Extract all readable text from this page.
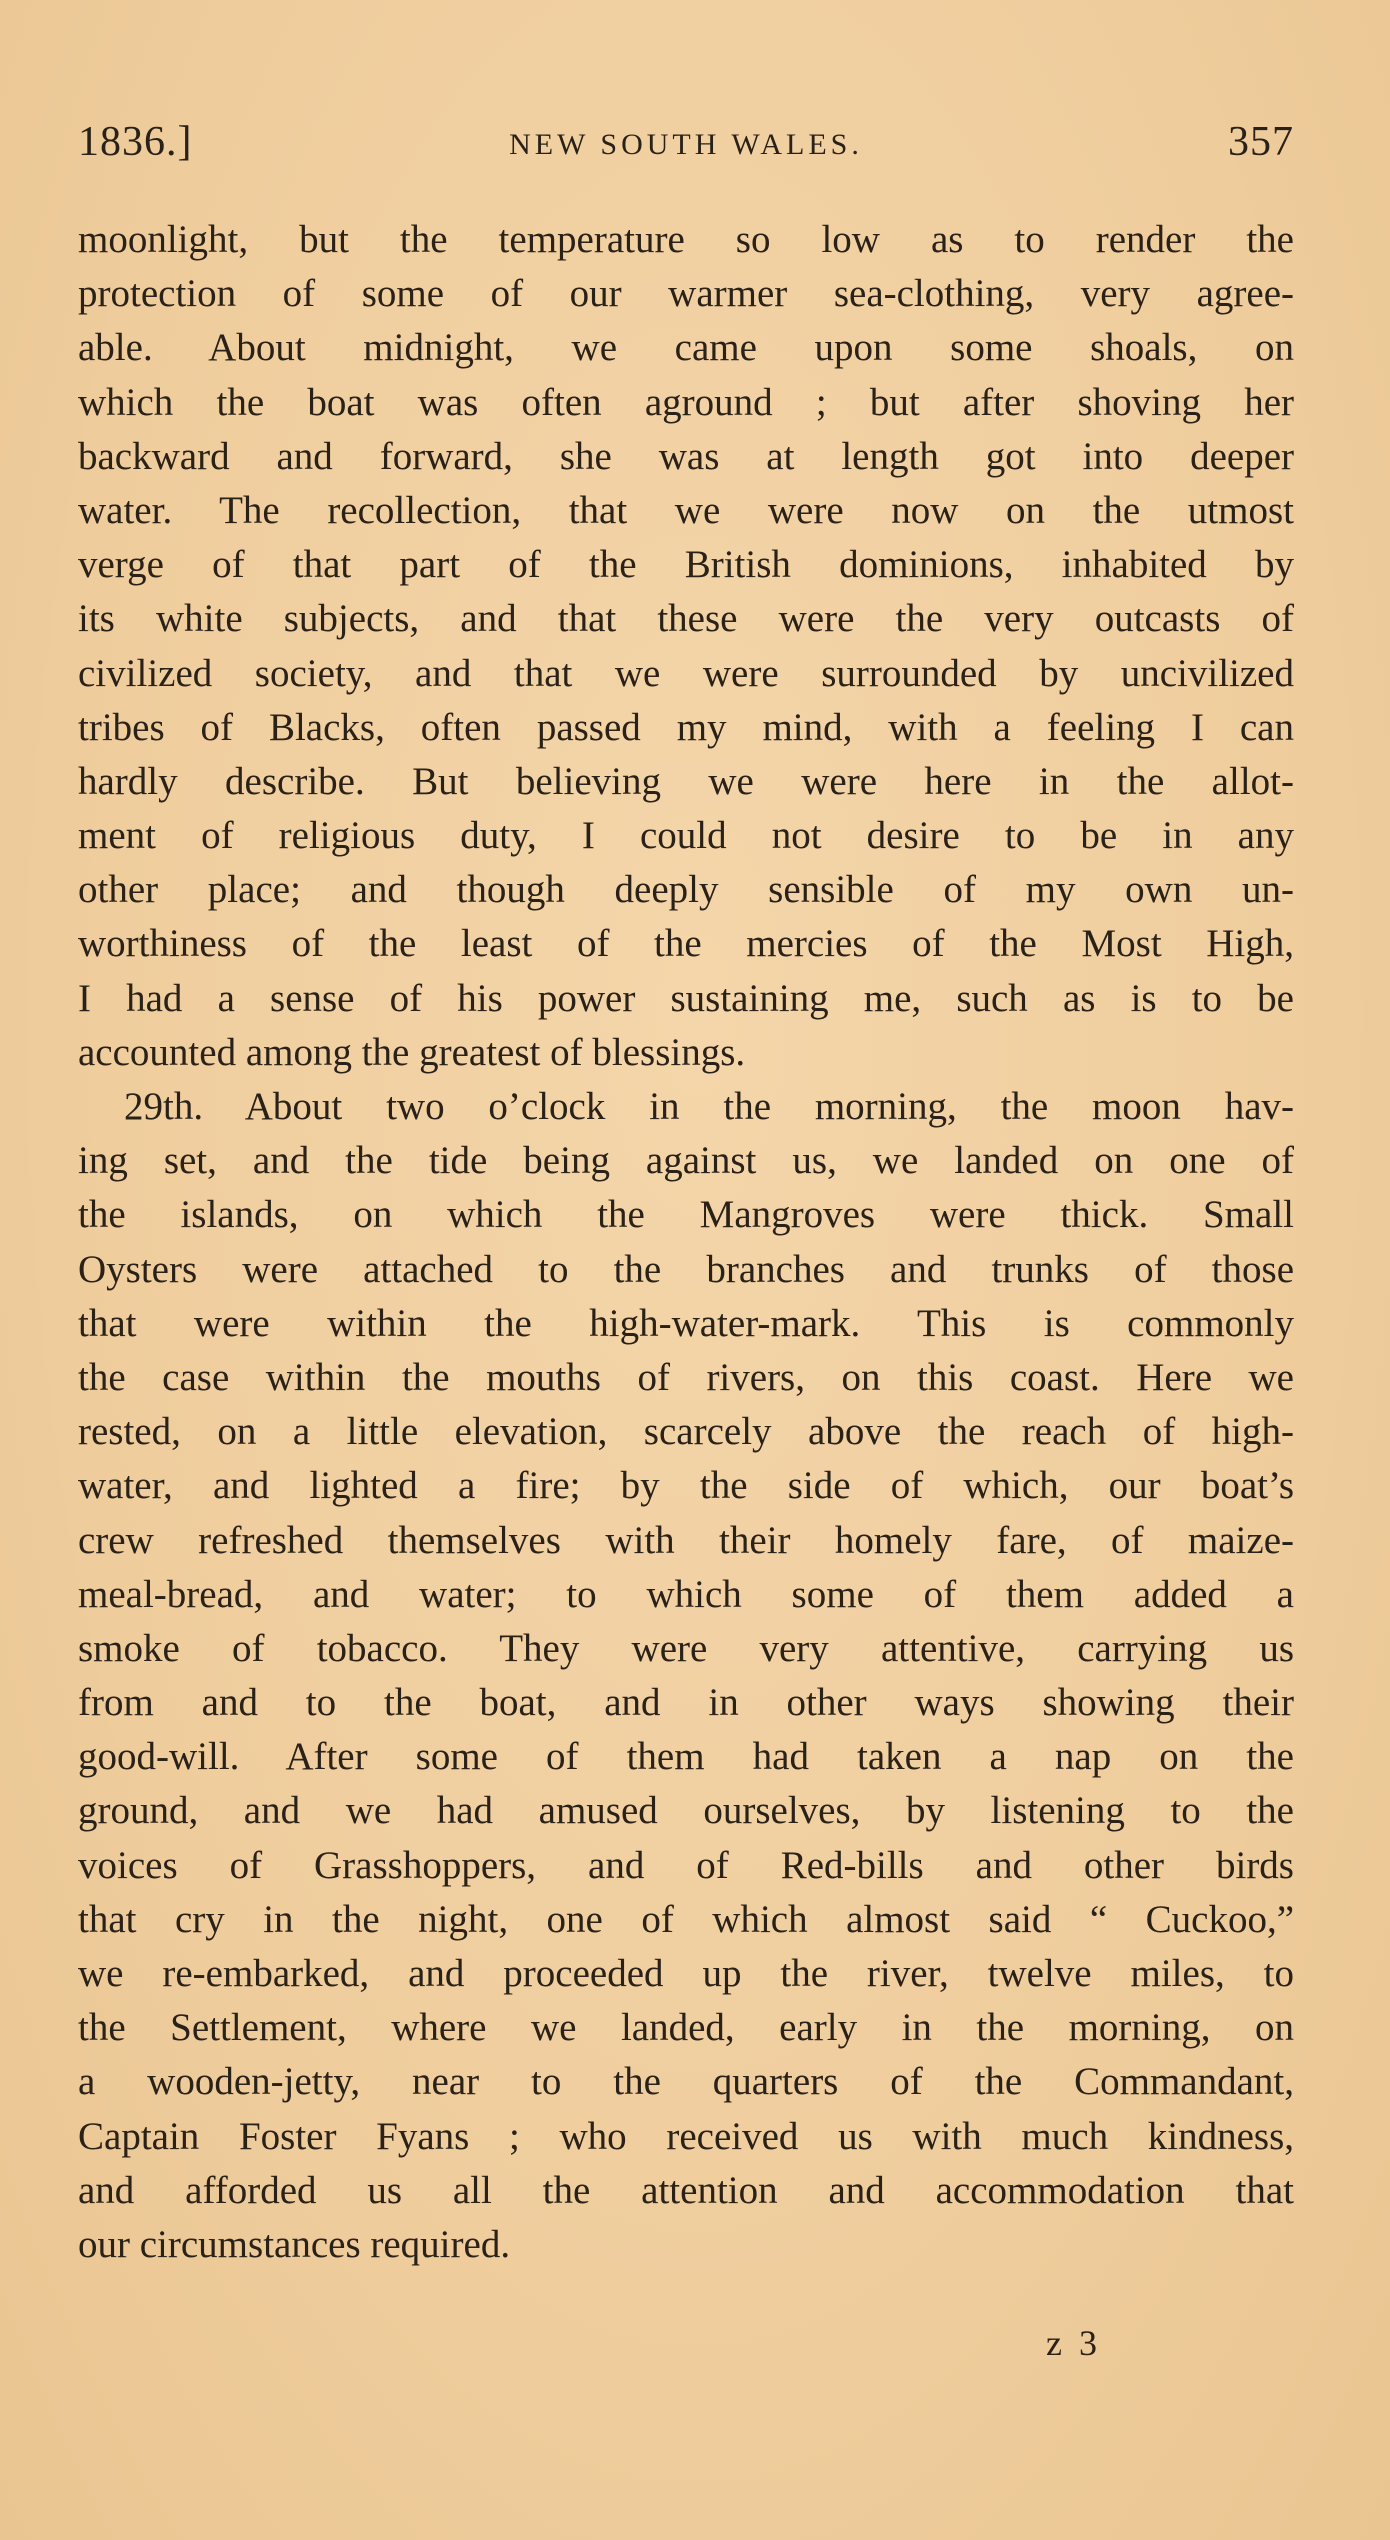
1836.]	NEW SOUTH WALES.	357
moonlight, but the temperature so low as to render the
protection of some of our warmer sea-clothing, very agree-
able. About midnight, we came upon some shoals, on
which the boat was often aground ; but after shoving her
backward and forward, she was at length got into deeper
water. The recollection, that we were now on the utmost
verge of that part of the British dominions, inhabited by
its white subjects, and that these were the very outcasts of
civilized society, and that we were surrounded by uncivilized
tribes of Blacks, often passed my mind, with a feeling I can
hardly describe. But believing we were here in the allot-
ment of religious duty, I could not desire to be in any
other place; and though deeply sensible of my own un-
worthiness of the least of the mercies of the Most High,
I had a sense of his power sustaining me, such as is to be
accounted among the greatest of blessings.
29th. About two o’clock in the morning, the moon hav-
ing set, and the tide being against us, we landed on one of
the islands, on which the Mangroves were thick. Small
Oysters were attached to the branches and trunks of those
that were within the high-water-mark. This is commonly
the case within the mouths of rivers, on this coast. Here we
rested, on a little elevation, scarcely above the reach of high-
water, and lighted a fire; by the side of which, our boat’s
crew refreshed themselves with their homely fare, of maize-
meal-bread, and water; to which some of them added a
smoke of tobacco. They were very attentive, carrying us
from and to the boat, and in other ways showing their
good-will. After some of them had taken a nap on the
ground, and we had amused ourselves, by listening to the
voices of Grasshoppers, and of Red-bills and other birds
that cry in the night, one of which almost said “ Cuckoo,”
we re-embarked, and proceeded up the river, twelve miles, to
the Settlement, where we landed, early in the morning, on
a wooden-jetty, near to the quarters of the Commandant,
Captain Foster Fyans ; who received us with much kindness,
and afforded us all the attention and accommodation that
our circumstances required.
z 3
